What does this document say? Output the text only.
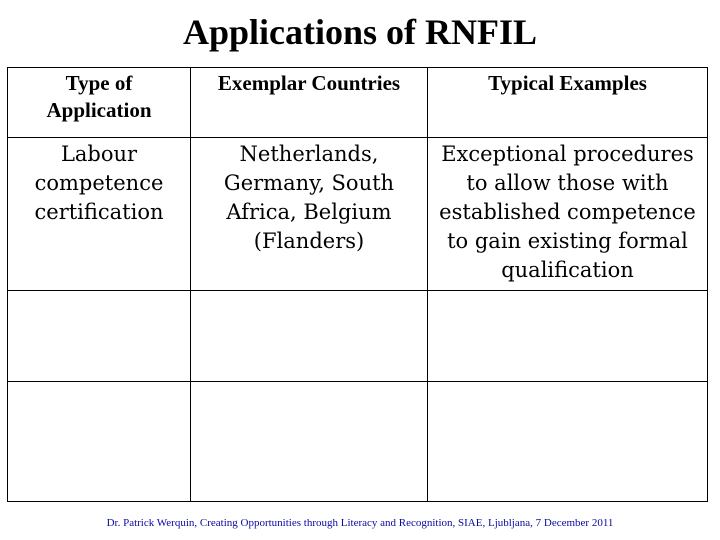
Applications of RNFIL
Type of Application	Exemplar Countries	Typical Examples
Labour competence certification	Netherlands, Germany, South Africa, Belgium (Flanders)	Exceptional procedures to allow those with established competence to gain existing formal qualification

Dr. Patrick Werquin, Creating Opportunities through Literacy and Recognition, SIAE, Ljubljana, 7 December 2011
